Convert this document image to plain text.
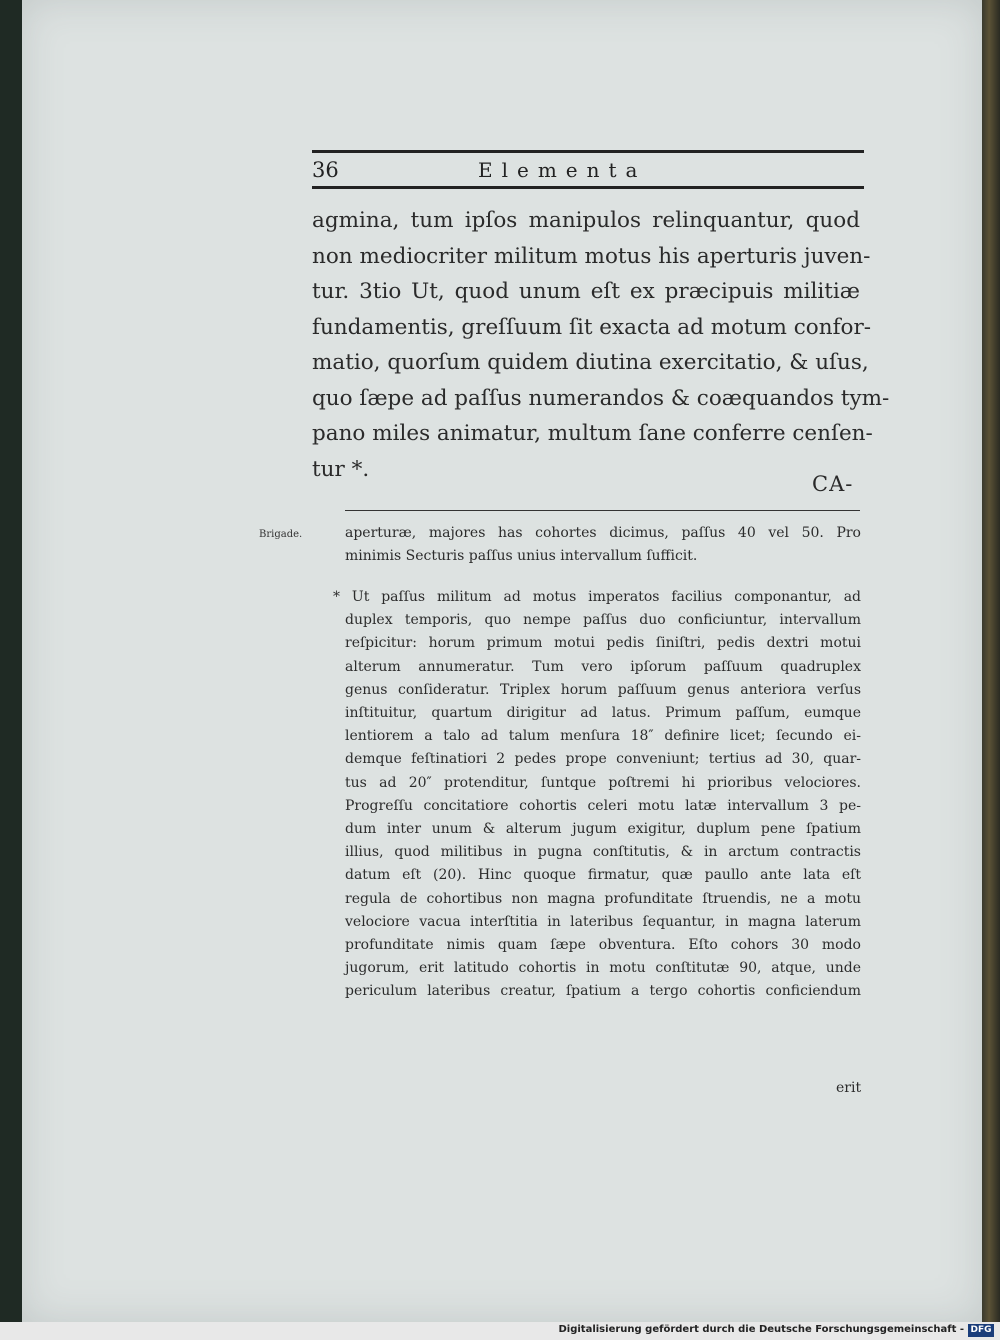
36	Elementa
agmina, tum ipſos manipulos relinquantur, quod
non mediocriter militum motus his aperturis juven-
tur. 3tio Ut, quod unum eſt ex præcipuis militiæ
fundamentis, greſſuum ſit exacta ad motum confor-
matio, quorſum quidem diutina exercitatio, & uſus,
quo ſæpe ad paſſus numerandos & coæquandos tym-
pano miles animatur, multum ſane conferre cenſen-
tur *.
CA-
Brigade.	aperturæ, majores has cohortes dicimus, paſſus 40 vel 50. Pro
minimis Secturis paſſus unius intervallum ſufficit.
* Ut paſſus militum ad motus imperatos facilius componantur, ad
duplex temporis, quo nempe paſſus duo conficiuntur, intervallum
reſpicitur: horum primum motui pedis ſiniſtri, pedis dextri motui
alterum annumeratur. Tum vero ipſorum paſſuum quadruplex
genus conſideratur. Triplex horum paſſuum genus anteriora verſus
inſtituitur, quartum dirigitur ad latus. Primum paſſum, eumque
lentiorem a talo ad talum menſura 18″ definire licet; ſecundo ei-
demque feſtinatiori 2 pedes prope conveniunt; tertius ad 30, quar-
tus ad 20″ protenditur, ſuntque poſtremi hi prioribus velociores.
Progreſſu concitatiore cohortis celeri motu latæ intervallum 3 pe-
dum inter unum & alterum jugum exigitur, duplum pene ſpatium
illius, quod militibus in pugna conſtitutis, & in arctum contractis
datum eſt (20). Hinc quoque firmatur, quæ paullo ante lata eſt
regula de cohortibus non magna profunditate ſtruendis, ne a motu
velociore vacua interſtitia in lateribus ſequantur, in magna laterum
profunditate nimis quam ſæpe obventura. Eſto cohors 30 modo
jugorum, erit latitudo cohortis in motu conſtitutæ 90, atque, unde
periculum lateribus creatur, ſpatium a tergo cohortis conficiendum
erit
Digitalisierung gefördert durch die Deutsche Forschungsgemeinschaft - DFG
